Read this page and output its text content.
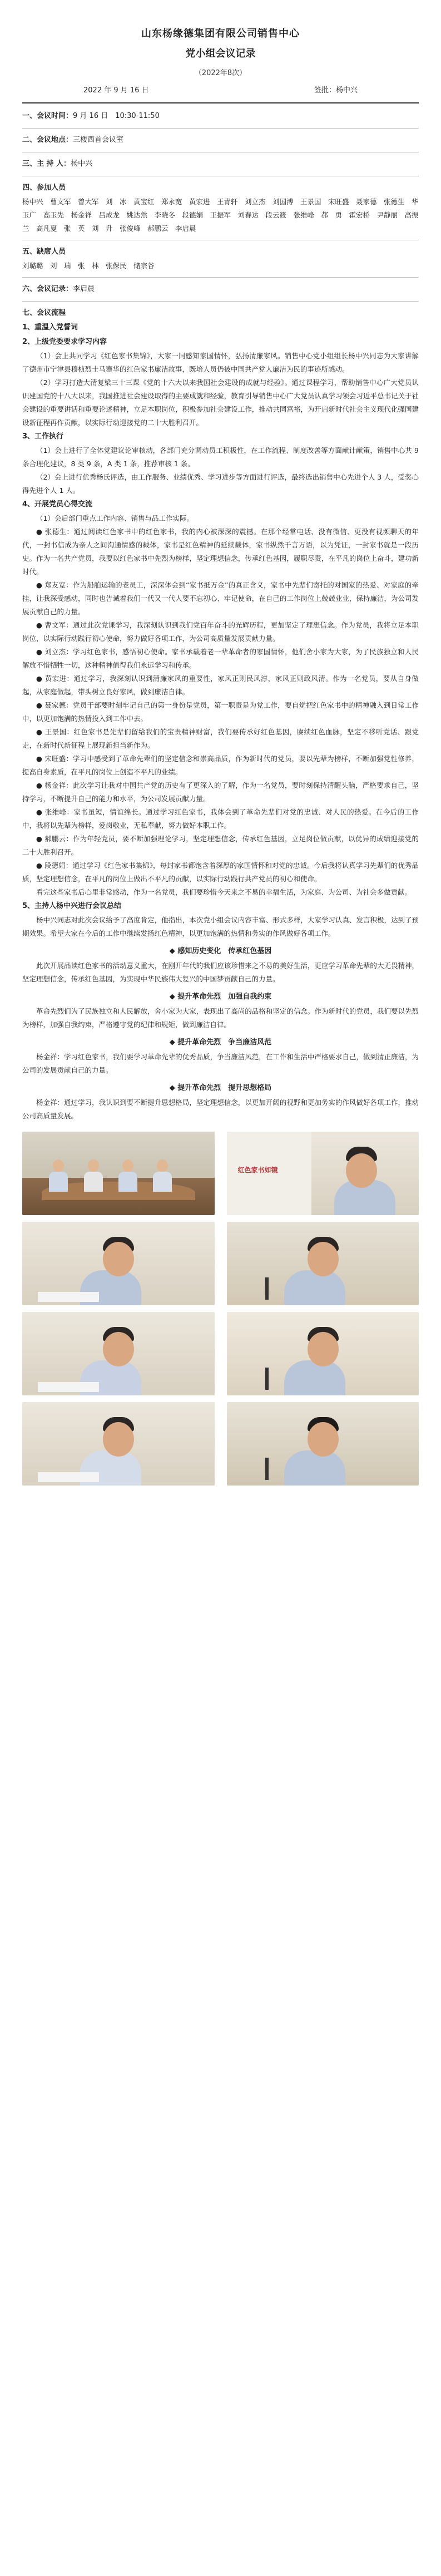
山东杨缘德集团有限公司销售中心
党小组会议记录
（2022年8次）
2022 年 9 月 16 日	签批：杨中兴
一、会议时间：9 月 16 日　10:30-11:50
二、会议地点：三楼西首会议室
三、主 持 人：杨中兴
四、参加人员

杨中兴　曹文军　曾大军　刘　冰　黄宝红　郑永宽　黄宏进　王青轩　刘立杰　刘国溥　王景国　宋旺盛　聂家德　张德生　华玉广　高玉先　杨金祥　吕成龙　姚达然　李晓冬　段德娟　王振军　刘春达　段云筱　张维峰　郝　勇　霍宏桥　尹静丽　高振兰　高凡夏　张　英　刘　升　张俊峰　郝鹏云　李启晨

五、缺席人员

刘璐璐　刘　瑞　张　林　张保民　储宗谷

六、会议记录：李启晨
七、会议流程
1、重温入党誓词
2、上级党委要求学习内容

（1）会上共同学习《红色家书集锦》，大家一同感知家国情怀，弘扬清廉家风。销售中心党小组组长杨中兴同志为大家讲解了德州市宁津县穆桢烈士马骞华的红色家书廉洁故事，既培人员仍被中国共产党人廉洁为民的事迹所感动。

（2）学习打造大清复梁三十三课《党的十六大以来我国社会建设的成就与经验》。通过课程学习，帮助销售中心广大党员认识建国党的十八大以来，我国推进社会建设取得的主要成就和经验，教育引导销售中心广大党员认真学习领会习近平总书记关于社会建设的重要讲话和重要论述精神，立足本职岗位，积极参加社会建设工作，推动共同富裕，为开启新时代社会主义现代化强国建设新征程再作贡献，以实际行动迎接党的二十大胜利召开。

3、工作执行

（1）会上进行了全体党建议论审核动，各部门充分调动员工积极性，在工作流程、制度改善等方面献计献策，销售中心共 9 条合理化建议，8 类 9 条，A 类 1 条，推荐审核 1 条。

（2）会上进行优秀杨氏评选，由工作服务、业绩优秀、学习进步等方面进行评选，最终选出销售中心先进个人 3 人，受奖心得先进个人 1 人。

4、开展党员心得交流

（1）会后部门重点工作内容、销售与品工作实际。

● 张德生：通过阅读红色家书中的红色家书，我的内心被深深的震撼。在那个经常电话、没有微信、更没有视频聊天的年代，一封书信成为亲人之间沟通情感的载体，家书是红色精神的延续载体，家书纵然千言万语，以为凭证，一封家书就是一段历史。作为一名共产党员，我要以红色家书中先烈为榜样，坚定理想信念，传承红色基因，履职尽责，在平凡的岗位上奋斗，建功新时代。

● 郑友宽：作为船舶运输的老员工，深深体会到“家书抵万金”的真正含义，家书中先辈们寄托的对国家的热爱、对家庭的牵挂，让我深受感动，同时也告诫着我们一代又一代人要不忘初心、牢记使命，在自己的工作岗位上兢兢业业，保持廉洁，为公司发展贡献自己的力量。

● 曹文军：通过此次党课学习，我深刻认识到我们党百年奋斗的光辉历程，更加坚定了理想信念。作为党员，我将立足本职岗位，以实际行动践行初心使命，努力做好各项工作，为公司高质量发展贡献力量。

● 刘立杰：学习红色家书，感悟初心使命。家书承载着老一辈革命者的家国情怀，他们舍小家为大家，为了民族独立和人民解放不惜牺牲一切，这种精神值得我们永远学习和传承。

● 黄宏进：通过学习，我深刻认识到清廉家风的重要性，家风正则民风淳，家风正则政风清。作为一名党员，要从自身做起，从家庭做起，带头树立良好家风，做到廉洁自律。

● 聂家德：党员干部要时刻牢记自己的第一身份是党员，第一职责是为党工作，要自觉把红色家书中的精神融入到日常工作中，以更加饱满的热情投入到工作中去。

● 王景国：红色家书是先辈们留给我们的宝贵精神财富，我们要传承好红色基因，赓续红色血脉，坚定不移听党话、跟党走，在新时代新征程上展现新担当新作为。

● 宋旺盛：学习中感受到了革命先辈们的坚定信念和崇高品质，作为新时代的党员，要以先辈为榜样，不断加强党性修养，提高自身素质，在平凡的岗位上创造不平凡的业绩。

● 杨金祥：此次学习让我对中国共产党的历史有了更深入的了解，作为一名党员，要时刻保持清醒头脑，严格要求自己，坚持学习，不断提升自己的能力和水平，为公司发展贡献力量。

● 张维峰：家书虽短，情谊绵长。通过学习红色家书，我体会到了革命先辈们对党的忠诚、对人民的热爱。在今后的工作中，我将以先辈为榜样，爱岗敬业，无私奉献，努力做好本职工作。

● 郝鹏云：作为年轻党员，要不断加强理论学习，坚定理想信念，传承红色基因，立足岗位做贡献，以优异的成绩迎接党的二十大胜利召开。

● 段德娟：通过学习《红色家书集锦》，每封家书都饱含着深厚的家国情怀和对党的忠诚。今后我将认真学习先辈们的优秀品质，坚定理想信念，在平凡的岗位上做出不平凡的贡献，以实际行动践行共产党员的初心和使命。

看完这些家书后心里非常感动，作为一名党员，我们要珍惜今天来之不易的幸福生活，为家庭、为公司、为社会多做贡献。

5、主持人杨中兴进行会议总结

杨中兴同志对此次会议给予了高度肯定，他指出，本次党小组会议内容丰富、形式多样，大家学习认真、发言积极，达到了预期效果。希望大家在今后的工作中继续发扬红色精神，以更加饱满的热情和务实的作风做好各项工作。

◆ 感知历史变化　传承红色基因

此次开展品读红色家书的活动意义重大，在刚开年代的我们应该珍惜来之不易的美好生活，更应学习革命先辈的大无畏精神，坚定理想信念，传承红色基因，为实现中华民族伟大复兴的中国梦贡献自己的力量。

◆ 提升革命先烈　加强自我约束

革命先烈们为了民族独立和人民解放，舍小家为大家，表现出了高尚的品格和坚定的信念。作为新时代的党员，我们要以先烈为榜样，加强自我约束，严格遵守党的纪律和规矩，做到廉洁自律。

◆ 提升革命先烈　争当廉洁风范

杨金祥：学习红色家书，我们要学习革命先辈的优秀品质，争当廉洁风范，在工作和生活中严格要求自己，做到清正廉洁，为公司的发展贡献自己的力量。

◆ 提升革命先烈　提升思想格局

杨金祥：通过学习，我认识到要不断提升思想格局，坚定理想信念，以更加开阔的视野和更加务实的作风做好各项工作，推动公司高质量发展。

红色家书如镜
